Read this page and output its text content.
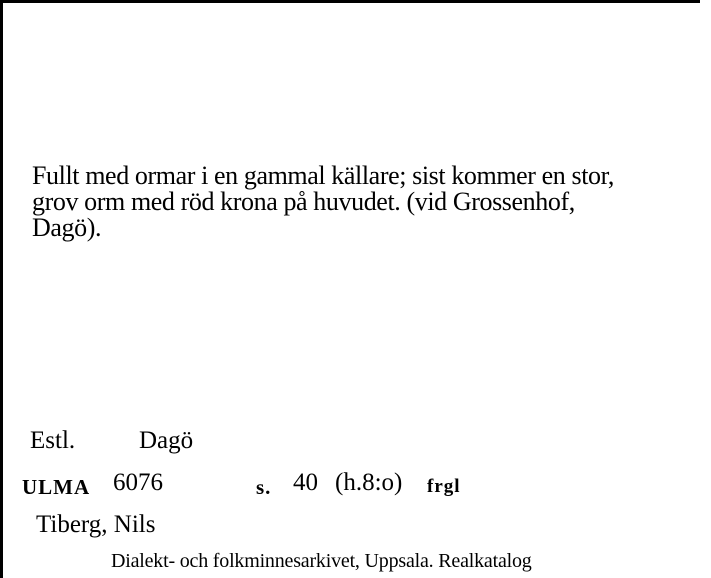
Fullt med ormar i en gammal källare; sist kommer en stor,
grov orm med röd krona på huvudet. (vid Grossenhof,
Dagö).
Estl.	Dagö
ULMA 6076	s. 40 (h.8:o) frgl
Tiberg, Nils
Dialekt- och folkminnesarkivet, Uppsala. Realkatalog
